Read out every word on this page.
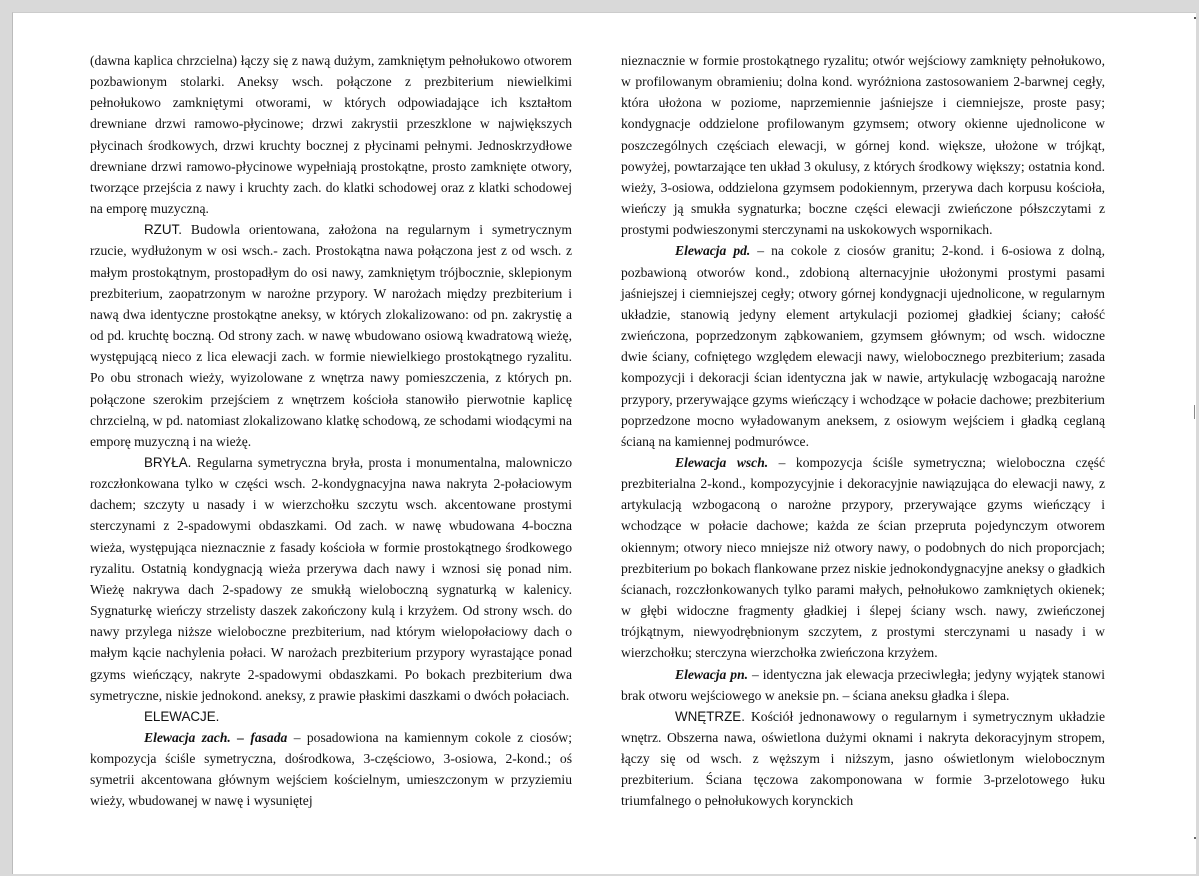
(dawna kaplica chrzcielna) łączy się z nawą dużym, zamkniętym pełnołukowo otworem pozbawionym stolarki. Aneksy wsch. połączone z prezbiterium niewielkimi pełnołukowo zamkniętymi otworami, w których odpowiadające ich kształtom drewniane drzwi ramowo-płycinowe; drzwi zakrystii przeszklone w największych płycinach środkowych, drzwi kruchty bocznej z płycinami pełnymi. Jednoskrzydłowe drewniane drzwi ramowo-płycinowe wypełniają prostokątne, prosto zamknięte otwory, tworzące przejścia z nawy i kruchty zach. do klatki schodowej oraz z klatki schodowej na emporę muzyczną.

RZUT. Budowla orientowana, założona na regularnym i symetrycznym rzucie, wydłużonym w osi wsch.- zach. Prostokątna nawa połączona jest z od wsch. z małym prostokątnym, prostopadłym do osi nawy, zamkniętym trójbocznie, sklepionym prezbiterium, zaopatrzonym w narożne przypory. W narożach między prezbiterium i nawą dwa identyczne prostokątne aneksy, w których zlokalizowano: od pn. zakrystię a od pd. kruchtę boczną. Od strony zach. w nawę wbudowano osiową kwadratową wieżę, występującą nieco z lica elewacji zach. w formie niewielkiego prostokątnego ryzalitu. Po obu stronach wieży, wyizolowane z wnętrza nawy pomieszczenia, z których pn. połączone szerokim przejściem z wnętrzem kościoła stanowiło pierwotnie kaplicę chrzcielną, w pd. natomiast zlokalizowano klatkę schodową, ze schodami wiodącymi na emporę muzyczną i na wieżę.

BRYŁA. Regularna symetryczna bryła, prosta i monumentalna, malowniczo rozczłonkowana tylko w części wsch. 2-kondygnacyjna nawa nakryta 2-połaciowym dachem; szczyty u nasady i w wierzchołku szczytu wsch. akcentowane prostymi sterczynami z 2-spadowymi obdaszkami. Od zach. w nawę wbudowana 4-boczna wieża, występująca nieznacznie z fasady kościoła w formie prostokątnego środkowego ryzalitu. Ostatnią kondygnacją wieża przerywa dach nawy i wznosi się ponad nim. Wieżę nakrywa dach 2-spadowy ze smukłą wieloboczną sygnaturką w kalenicy. Sygnaturkę wieńczy strzelisty daszek zakończony kulą i krzyżem. Od strony wsch. do nawy przylega niższe wieloboczne prezbiterium, nad którym wielopołaciowy dach o małym kącie nachylenia połaci. W narożach prezbiterium przypory wyrastające ponad gzyms wieńczący, nakryte 2-spadowymi obdaszkami. Po bokach prezbiterium dwa symetryczne, niskie jednokond. aneksy, z prawie płaskimi daszkami o dwóch połaciach.

ELEWACJE.

Elewacja zach. – fasada – posadowiona na kamiennym cokole z ciosów; kompozycja ściśle symetryczna, dośrodkowa, 3-częściowo, 3-osiowa, 2-kond.; oś symetrii akcentowana głównym wejściem kościelnym, umieszczonym w przyziemiu wieży, wbudowanej w nawę i wysuniętej

nieznacznie w formie prostokątnego ryzalitu; otwór wejściowy zamknięty pełnołukowo, w profilowanym obramieniu; dolna kond. wyróżniona zastosowaniem 2-barwnej cegły, która ułożona w poziome, naprzemiennie jaśniejsze i ciemniejsze, proste pasy; kondygnacje oddzielone profilowanym gzymsem; otwory okienne ujednolicone w poszczególnych częściach elewacji, w górnej kond. większe, ułożone w trójkąt, powyżej, powtarzające ten układ 3 okulusy, z których środkowy większy; ostatnia kond. wieży, 3-osiowa, oddzielona gzymsem podokiennym, przerywa dach korpusu kościoła, wieńczy ją smukła sygnaturka; boczne części elewacji zwieńczone półszczytami z prostymi podwieszonymi sterczynami na uskokowych wspornikach.

Elewacja pd. – na cokole z ciosów granitu; 2-kond. i 6-osiowa z dolną, pozbawioną otworów kond., zdobioną alternacyjnie ułożonymi prostymi pasami jaśniejszej i ciemniejszej cegły; otwory górnej kondygnacji ujednolicone, w regularnym układzie, stanowią jedyny element artykulacji poziomej gładkiej ściany; całość zwieńczona, poprzedzonym ząbkowaniem, gzymsem głównym; od wsch. widoczne dwie ściany, cofniętego względem elewacji nawy, wielobocznego prezbiterium; zasada kompozycji i dekoracji ścian identyczna jak w nawie, artykulację wzbogacają narożne przypory, przerywające gzyms wieńczący i wchodzące w połacie dachowe; prezbiterium poprzedzone mocno wyładowanym aneksem, z osiowym wejściem i gładką ceglaną ścianą na kamiennej podmurówce.

Elewacja wsch. – kompozycja ściśle symetryczna; wieloboczna część prezbiterialna 2-kond., kompozycyjnie i dekoracyjnie nawiązująca do elewacji nawy, z artykulacją wzbogaconą o narożne przypory, przerywające gzyms wieńczący i wchodzące w połacie dachowe; każda ze ścian przepruta pojedynczym otworem okiennym; otwory nieco mniejsze niż otwory nawy, o podobnych do nich proporcjach; prezbiterium po bokach flankowane przez niskie jednokondygnacyjne aneksy o gładkich ścianach, rozczłonkowanych tylko parami małych, pełnołukowo zamkniętych okienek; w głębi widoczne fragmenty gładkiej i ślepej ściany wsch. nawy, zwieńczonej trójkątnym, niewyodrębnionym szczytem, z prostymi sterczynami u nasady i w wierzchołku; sterczyna wierzchołka zwieńczona krzyżem.

Elewacja pn. – identyczna jak elewacja przeciwległa; jedyny wyjątek stanowi brak otworu wejściowego w aneksie pn. – ściana aneksu gładka i ślepa.

WNĘTRZE. Kościół jednonawowy o regularnym i symetrycznym układzie wnętrz. Obszerna nawa, oświetlona dużymi oknami i nakryta dekoracyjnym stropem, łączy się od wsch. z węższym i niższym, jasno oświetlonym wielobocznym prezbiterium. Ściana tęczowa zakomponowana w formie 3-przelotowego łuku triumfalnego o pełnołukowych korynckich
